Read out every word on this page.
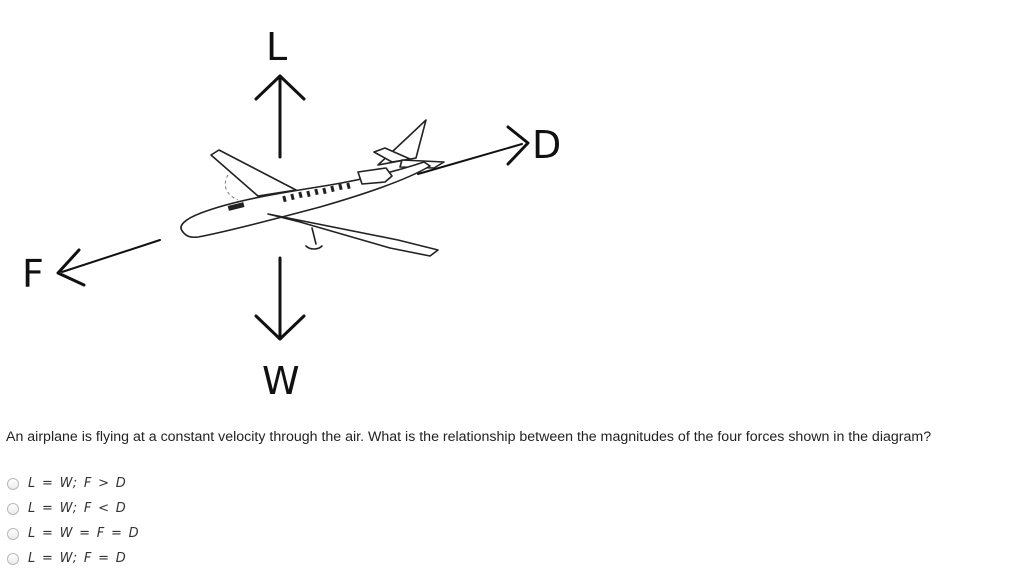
L
W
F
D
An airplane is flying at a constant velocity through the air. What is the relationship between the magnitudes of the four forces shown in the diagram?
L = W; F > D
L = W; F < D
L = W = F = D
L = W; F = D
